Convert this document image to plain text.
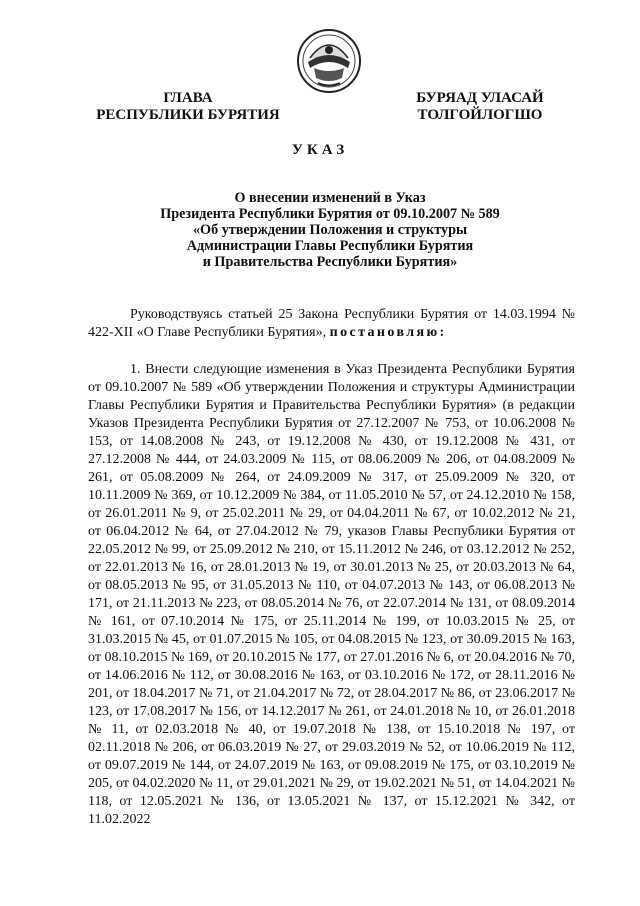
ГЛАВА
РЕСПУБЛИКИ БУРЯТИЯ
БУРЯАД УЛАСАЙ
ТОЛГОЙЛОГШО
УКАЗ
О внесении изменений в Указ
Президента Республики Бурятия от 09.10.2007 № 589
«Об утверждении Положения и структуры
Администрации Главы Республики Бурятия
и Правительства Республики Бурятия»
Руководствуясь статьей 25 Закона Республики Бурятия от 14.03.1994 № 422-XII «О Главе Республики Бурятия», постановляю:
1. Внести следующие изменения в Указ Президента Республики Бурятия от 09.10.2007 № 589 «Об утверждении Положения и структуры Администрации Главы Республики Бурятия и Правительства Республики Бурятия» (в редакции Указов Президента Республики Бурятия от 27.12.2007 № 753, от 10.06.2008 № 153, от 14.08.2008 № 243, от 19.12.2008 № 430, от 19.12.2008 № 431, от 27.12.2008 № 444, от 24.03.2009 № 115, от 08.06.2009 № 206, от 04.08.2009 № 261, от 05.08.2009 № 264, от 24.09.2009 № 317, от 25.09.2009 № 320, от 10.11.2009 № 369, от 10.12.2009 № 384, от 11.05.2010 № 57, от 24.12.2010 № 158, от 26.01.2011 № 9, от 25.02.2011 № 29, от 04.04.2011 № 67, от 10.02.2012 № 21, от 06.04.2012 № 64, от 27.04.2012 № 79, указов Главы Республики Бурятия от 22.05.2012 № 99, от 25.09.2012 № 210, от 15.11.2012 № 246, от 03.12.2012 № 252, от 22.01.2013 № 16, от 28.01.2013 № 19, от 30.01.2013 № 25, от 20.03.2013 № 64, от 08.05.2013 № 95, от 31.05.2013 № 110, от 04.07.2013 № 143, от 06.08.2013 № 171, от 21.11.2013 № 223, от 08.05.2014 № 76, от 22.07.2014 № 131, от 08.09.2014 № 161, от 07.10.2014 № 175, от 25.11.2014 № 199, от 10.03.2015 № 25, от 31.03.2015 № 45, от 01.07.2015 № 105, от 04.08.2015 № 123, от 30.09.2015 № 163, от 08.10.2015 № 169, от 20.10.2015 № 177, от 27.01.2016 № 6, от 20.04.2016 № 70, от 14.06.2016 № 112, от 30.08.2016 № 163, от 03.10.2016 № 172, от 28.11.2016 № 201, от 18.04.2017 № 71, от 21.04.2017 № 72, от 28.04.2017 № 86, от 23.06.2017 № 123, от 17.08.2017 № 156, от 14.12.2017 № 261, от 24.01.2018 № 10, от 26.01.2018 № 11, от 02.03.2018 № 40, от 19.07.2018 № 138, от 15.10.2018 № 197, от 02.11.2018 № 206, от 06.03.2019 № 27, от 29.03.2019 № 52, от 10.06.2019 № 112, от 09.07.2019 № 144, от 24.07.2019 № 163, от 09.08.2019 № 175, от 03.10.2019 № 205, от 04.02.2020 № 11, от 29.01.2021 № 29, от 19.02.2021 № 51, от 14.04.2021 № 118, от 12.05.2021 № 136, от 13.05.2021 № 137, от 15.12.2021 № 342, от 11.02.2022
